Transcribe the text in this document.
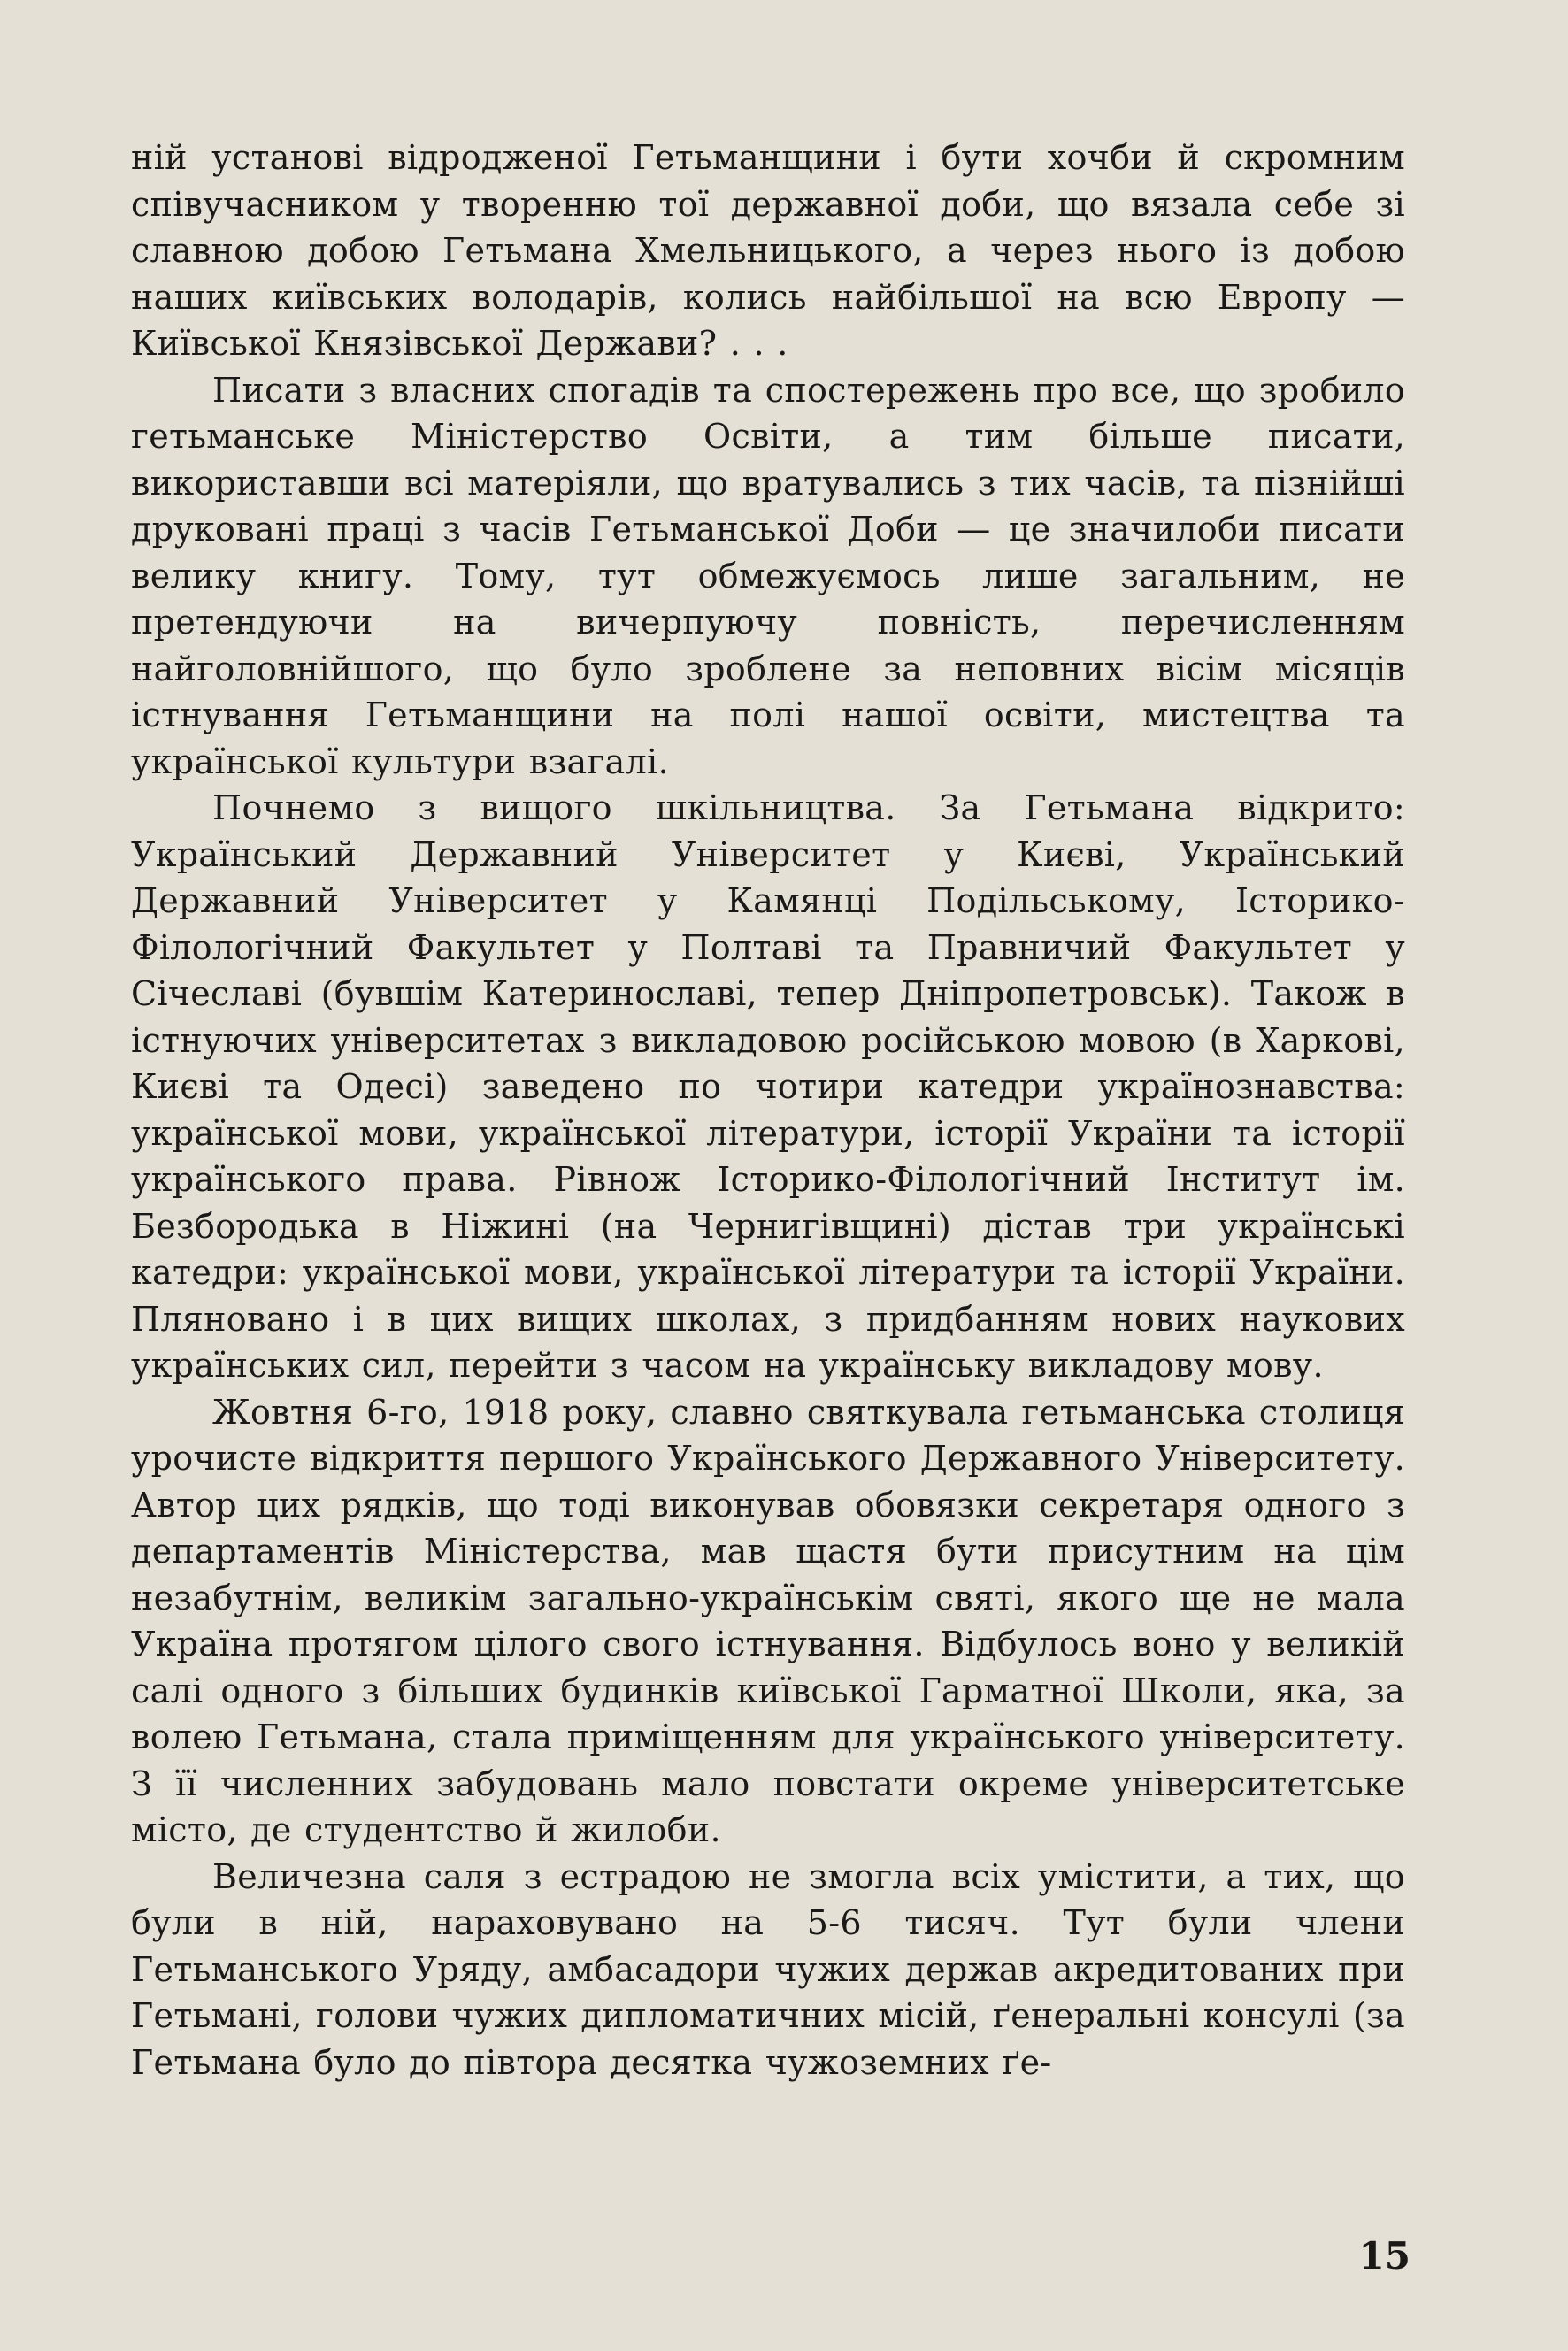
ній установі відродженої Гетьманщини і бути хочби й скромним співучасником у творенню тої державної доби, що вязала себе зі славною добою Гетьмана Хмельницького, а через нього із добою наших київських володарів, колись найбільшої на всю Европу — Київської Князівської Держави? . . .

Писати з власних спогадів та спостережень про все, що зробило гетьманське Міністерство Освіти, а тим більше писати, використавши всі матеріяли, що вратувались з тих часів, та пізнійші друковані праці з часів Гетьманської Доби — це значилоби писати велику книгу. Тому, тут обмежуємось лише загальним, не претендуючи на вичерпуючу повність, перечисленням найголовнійшого, що було зроблене за неповних вісім місяців істнування Гетьманщини на полі нашої освіти, мистецтва та української культури взагалі.

Почнемо з вищого шкільництва. За Гетьмана відкрито: Український Державний Університет у Києві, Український Державний Університет у Камянці Подільському, Історико-Філологічний Факультет у Полтаві та Правничий Факультет у Січеславі (бувшім Катеринославі, тепер Дніпропетровськ). Також в істнуючих університетах з викладовою російською мовою (в Харкові, Києві та Одесі) заведено по чотири катедри українознавства: української мови, української літератури, історії України та історії українського права. Рівнож Історико-Філологічний Інститут ім. Безбородька в Ніжині (на Чернигівщині) дістав три українські катедри: української мови, української літератури та історії України. Пляновано і в цих вищих школах, з придбанням нових наукових українських сил, перейти з часом на українську викладову мову.

Жовтня 6-го, 1918 року, славно святкувала гетьманська столиця урочисте відкриття першого Українського Державного Університету. Автор цих рядків, що тоді виконував обовязки секретаря одного з департаментів Міністерства, мав щастя бути присутним на цім незабутнім, великім загально-українськім святі, якого ще не мала Україна протягом цілого свого істнування. Відбулось воно у великій салі одного з більших будинків київської Гарматної Школи, яка, за волею Гетьмана, стала приміщенням для українського університету. З її численних забудовань мало повстати окреме університетське місто, де студентство й жилоби.

Величезна саля з естрадою не змогла всіх умістити, а тих, що були в ній, нараховувано на 5-6 тисяч. Тут були члени Гетьманського Уряду, амбасадори чужих держав акредитованих при Гетьмані, голови чужих дипломатичних місій, ґенеральні консулі (за Гетьмана було до півтора десятка чужоземних ґе-

15
